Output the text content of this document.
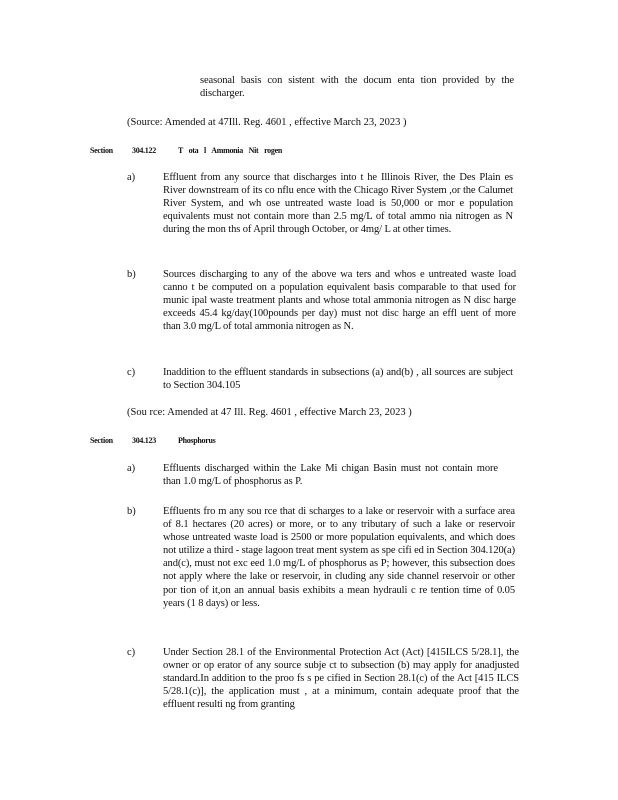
seasonal basis con sistent with the docum enta tion provided by the discharger.
(Source: Amended at 47Ill. Reg. 4601 , effective March 23, 2023 )
Section 304.122	T ota l Ammonia Nit rogen
a)	Effluent from any source that discharges into t he Illinois River, the Des Plain es River downstream of its co nflu ence with the Chicago River System ,or the Calumet River System, and wh ose untreated waste load is 50,000 or mor e population equivalents must not contain more than 2.5 mg/L of total ammo nia nitrogen as N during the mon ths of April through October, or 4mg/ L at other times.
b)	Sources discharging to any of the above wa ters and whos e untreated waste load canno t be computed on a population equivalent basis comparable to that used for munic ipal waste treatment plants and whose total ammonia nitrogen as N disc harge exceeds 45.4 kg/day(100pounds per day) must not disc harge an effl uent of more than 3.0 mg/L of total ammonia nitrogen as N.
c)	Inaddition to the effluent standards in subsections (a) and(b) , all sources are subject to Section 304.105
(Sou rce: Amended at 47 Ill. Reg. 4601 , effective March 23, 2023 )
Section 304.123	Phosphorus
a)	Effluents discharged within the Lake Mi chigan Basin must not contain more than 1.0 mg/L of phosphorus as P.
b)	Effluents fro m any sou rce that di scharges to a lake or reservoir with a surface area of 8.1 hectares (20 acres) or more, or to any tributary of such a lake or reservoir whose untreated waste load is 2500 or more population equivalents, and which does not utilize a third - stage lagoon treat ment system as spe cifi ed in Section 304.120(a) and(c), must not exc eed 1.0 mg/L of phosphorus as P; however, this subsection does not apply where the lake or reservoir, in cluding any side channel reservoir or other por tion of it,on an annual basis exhibits a mean hydrauli c re tention time of 0.05 years (1 8 days) or less.
c)	Under Section 28.1 of the Environmental Protection Act (Act) [415ILCS 5/28.1], the owner or op erator of any source subje ct to subsection (b) may apply for anadjusted standard.In addition to the proo fs s pe cified in Section 28.1(c) of the Act [415 ILCS 5/28.1(c)], the application must , at a minimum, contain adequate proof that the effluent resulti ng from granting
